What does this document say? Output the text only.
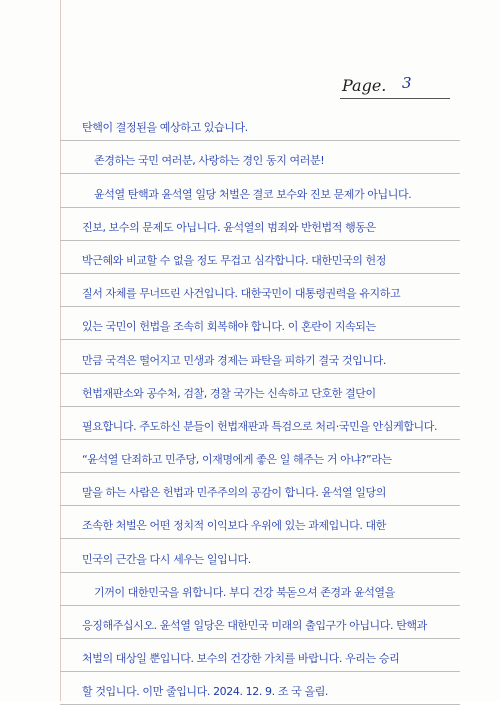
Page. 3
탄핵이 결정된을 예상하고 있습니다.
존경하는 국민 여러분, 사랑하는 경인 동지 여러분!
윤석열 탄핵과 윤석열 일당 처벌은 결코 보수와 진보 문제가 아닙니다.
진보, 보수의 문제도 아닙니다. 윤석열의 범죄와 반헌법적 행동은
박근혜와 비교할 수 없을 정도 무겁고 심각합니다. 대한민국의 헌정
질서 자체를 무너뜨린 사건입니다. 대한국민이 대통령권력을 유지하고
있는 국민이 헌법을 조속히 회복해야 합니다. 이 혼란이 지속되는
만큼 국격은 떨어지고 민생과 경제는 파탄을 피하기 결국 것입니다.
헌법재판소와 공수처, 검찰, 경찰 국가는 신속하고 단호한 결단이
필요합니다. 주도하신 분들이 헌법재판과 특검으로 처리·국민을 안심케합니다.
“윤석열 단죄하고 민주당, 이재명에게 좋은 일 해주는 거 아냐?”라는
말을 하는 사람은 헌법과 민주주의의 공감이 합니다. 윤석열 일당의
조속한 처벌은 어떤 정치적 이익보다 우위에 있는 과제입니다. 대한
민국의 근간을 다시 세우는 일입니다.
기꺼이 대한민국을 위합니다. 부디 건강 북돋으셔 존경과 윤석열을
응징해주십시오. 윤석열 일당은 대한민국 미래의 출입구가 아닙니다. 탄핵과
처벌의 대상일 뿐입니다. 보수의 건강한 가치를 바랍니다. 우리는 승리
할 것입니다. 이만 줄입니다. 2024. 12. 9. 조 국 올림.
